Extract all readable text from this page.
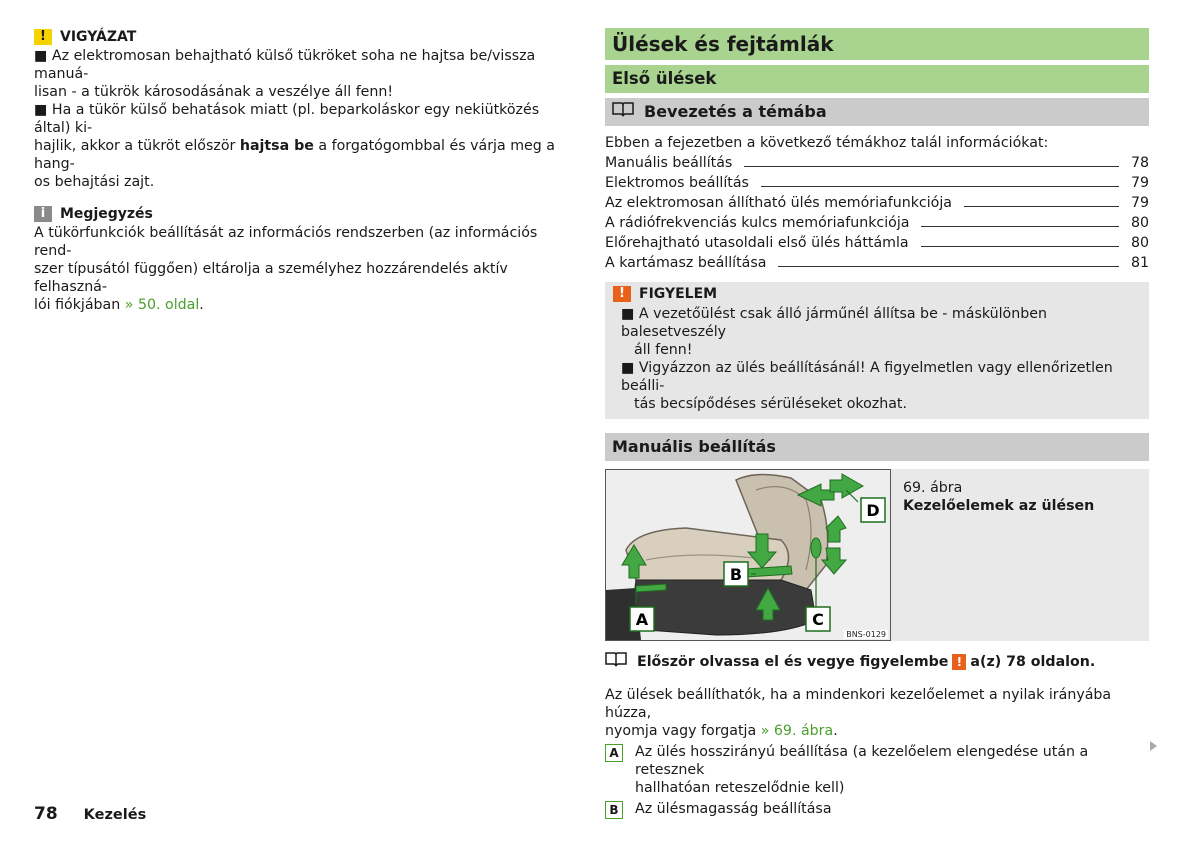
!	VIGYÁZAT

■ Az elektromosan behajtható külső tükröket soha ne hajtsa be/vissza manuá-
lisan - a tükrök károsodásának a veszélye áll fenn!

■ Ha a tükör külső behatások miatt (pl. beparkoláskor egy nekiütközés által) ki-
hajlik, akkor a tükröt először hajtsa be a forgatógombbal és várja meg a hang-
os behajtási zajt.

i	Megjegyzés

A tükörfunkciók beállítását az információs rendszerben (az információs rend-
szer típusától függően) eltárolja a személyhez hozzárendelés aktív felhaszná-
lói fiókjában » 50. oldal.

Ülések és fejtámlák
Első ülések
Bevezetés a témába
Ebben a fejezetben a következő témákhoz talál információkat:
Manuális beállítás	78
Elektromos beállítás	79
Az elektromosan állítható ülés memóriafunkciója	79
A rádiófrekvenciás kulcs memóriafunkciója	80
Előrehajtható utasoldali első ülés háttámla	80
A kartámasz beállítása	81
!	FIGYELEM

■ A vezetőülést csak álló járműnél állítsa be - máskülönben balesetveszély
áll fenn!
■ Vigyázzon az ülés beállításánál! A figyelmetlen vagy ellenőrizetlen beálli-
tás becsípődéses sérüléseket okozhat.

Manuális beállítás
A
B
C
D
BNS-0129
69. ábra
Kezelőelemek az ülésen
Először olvassa el és vegye figyelembe ! a(z) 78 oldalon.

Az ülések beállíthatók, ha a mindenkori kezelőelemet a nyilak irányába húzza,
nyomja vagy forgatja » 69. ábra.

A	Az ülés hosszirányú beállítása (a kezelőelem elengedése után a retesznek
hallhatóan reteszelődnie kell)
B	Az ülésmagasság beállítása
78 Kezelés
